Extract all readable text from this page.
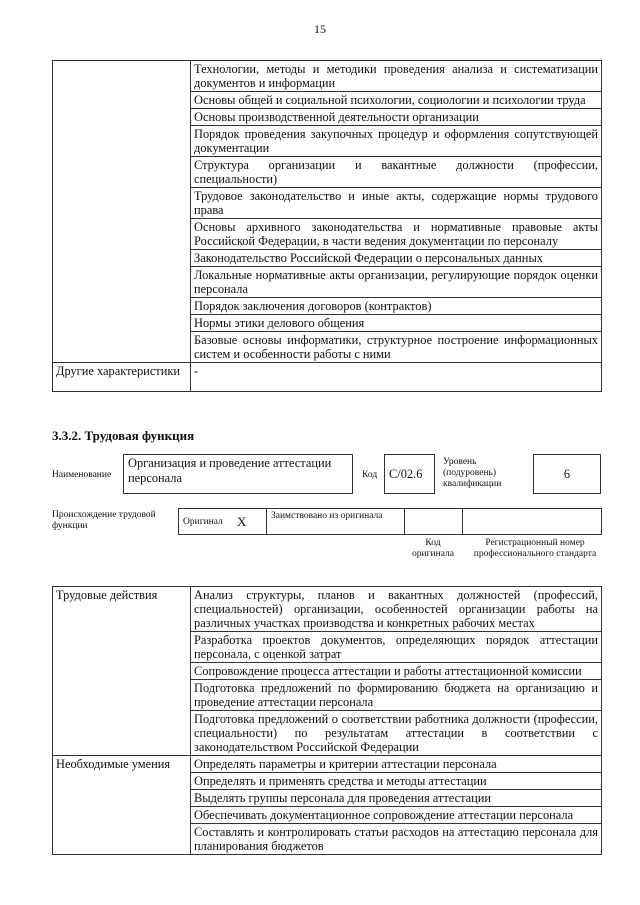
15
	Технологии, методы и методики проведения анализа и систематизации документов и информации
	Основы общей и социальной психологии, социологии и психологии труда
	Основы производственной деятельности организации
	Порядок проведения закупочных процедур и оформления сопутствующей документации
	Структура организации и вакантные должности (профессии, специальности)
	Трудовое законодательство и иные акты, содержащие нормы трудового права
	Основы архивного законодательства и нормативные правовые акты Российской Федерации, в части ведения документации по персоналу
	Законодательство Российской Федерации о персональных данных
	Локальные нормативные акты организации, регулирующие порядок оценки персонала
	Порядок заключения договоров (контрактов)
	Нормы этики делового общения
	Базовые основы информатики, структурное построение информационных систем и особенности работы с ними
Другие характеристики	-
3.3.2. Трудовая функция
Наименование
Организация и проведение аттестации персонала	Код С/02.6
Уровень (подуровень) квалификации
6
Происхождение трудовой функции	Оригинал X	Заимствовано из оригинала
Код оригинала
Регистрационный номер профессионального стандарта
Трудовые действия	Анализ структуры, планов и вакантных должностей (профессий, специальностей) организации, особенностей организации работы на различных участках производства и конкретных рабочих местах
	Разработка проектов документов, определяющих порядок аттестации персонала, с оценкой затрат
	Сопровождение процесса аттестации и работы аттестационной комиссии
	Подготовка предложений по формированию бюджета на организацию и проведение аттестации персонала
	Подготовка предложений о соответствии работника должности (профессии, специальности) по результатам аттестации в соответствии с законодательством Российской Федерации
Необходимые умения	Определять параметры и критерии аттестации персонала
	Определять и применять средства и методы аттестации
	Выделять группы персонала для проведения аттестации
	Обеспечивать документационное сопровождение аттестации персонала
	Составлять и контролировать статьи расходов на аттестацию персонала для планирования бюджетов
